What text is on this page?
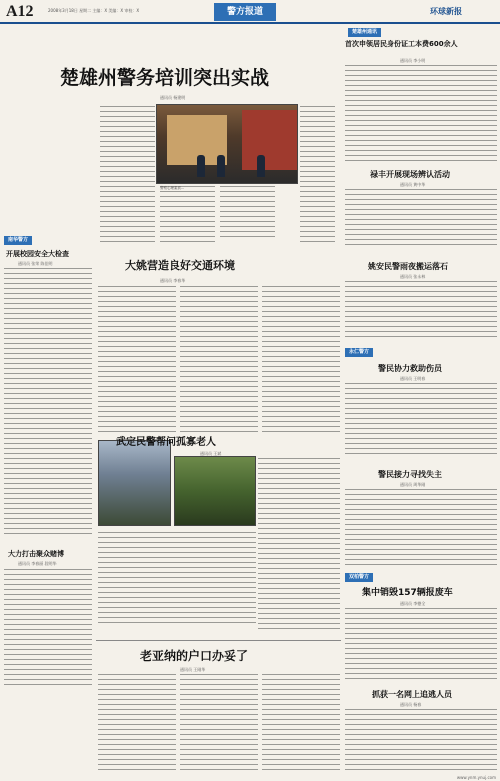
A12	2008年3月18日 星期二 主编：X 美编：X 审校：X	警方报道	环球新报
楚雄州警务培训突出实战
通讯员 杨建明
警察心理素质...
南华警方
开展校园安全大检查
通讯员 张荣 陈佳明
大力打击聚众赌博
通讯员 李春丽 段明华
大姚营造良好交通环境
通讯员 李春华
武定民警帮问孤寡老人
通讯员 王斌
老亚纳的户口办妥了
通讯员 王刚华
楚雄州通讯
首次申领居民身份证工本费600余人
通讯员 李小明
禄丰开展现场辨认活动
通讯员 黄中华
姚安民警雨夜搬运落石
通讯员 张永林
永仁警方
警民协力救助伤员
通讯员 王明春
警民接力寻找失主
通讯员 周华刚
双柏警方
集中销毁157辆报废车
通讯员 李德全
抓获一名网上追逃人员
通讯员 杨春
www.ynm.ynuj.com
